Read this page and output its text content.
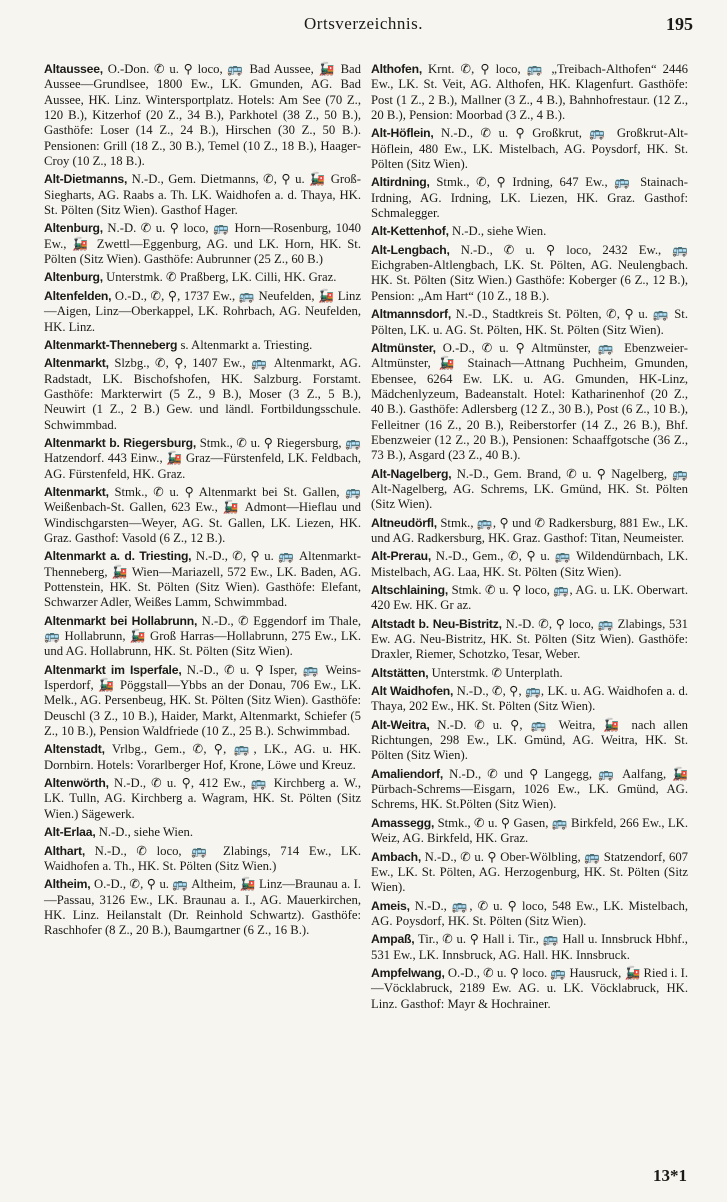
Ortsverzeichnis.	195

Altaussee, O.-Don. ✆ u. ⚲ loco, 🚌 Bad Aussee, 🚂 Bad Aussee—Grundlsee, 1800 Ew., LK. Gmunden, AG. Bad Aussee, HK. Linz. Wintersportplatz. Hotels: Am See (70 Z., 120 B.), Kitzerhof (20 Z., 34 B.), Parkhotel (38 Z., 50 B.), Gasthöfe: Loser (14 Z., 24 B.), Hirschen (30 Z., 50 B.). Pensionen: Grill (18 Z., 30 B.), Temel (10 Z., 18 B.), Haager-Croy (10 Z., 18 B.).

Alt-Dietmanns, N.-D., Gem. Dietmanns, ✆, ⚲ u. 🚂 Groß-Siegharts, AG. Raabs a. Th. LK. Waidhofen a. d. Thaya, HK. St. Pölten (Sitz Wien). Gasthof Hager.

Altenburg, N.-D. ✆ u. ⚲ loco, 🚌 Horn—Rosenburg, 1040 Ew., 🚂 Zwettl—Eggenburg, AG. und LK. Horn, HK. St. Pölten (Sitz Wien). Gasthöfe: Aubrunner (25 Z., 60 B.)

Altenburg, Unterstmk. ✆ Praßberg, LK. Cilli, HK. Graz.

Altenfelden, O.-D., ✆, ⚲, 1737 Ew., 🚌 Neufelden, 🚂 Linz—Aigen, Linz—Oberkappel, LK. Rohrbach, AG. Neufelden, HK. Linz.

Altenmarkt-Thenneberg s. Altenmarkt a. Triesting.

Altenmarkt, Slzbg., ✆, ⚲, 1407 Ew., 🚌 Altenmarkt, AG. Radstadt, LK. Bischofshofen, HK. Salzburg. Forstamt. Gasthöfe: Markterwirt (5 Z., 9 B.), Moser (3 Z., 5 B.), Neuwirt (1 Z., 2 B.) Gew. und ländl. Fortbildungsschule. Schwimmbad.

Altenmarkt b. Riegersburg, Stmk., ✆ u. ⚲ Riegersburg, 🚌 Hatzendorf. 443 Einw., 🚂 Graz—Fürstenfeld, LK. Feldbach, AG. Fürstenfeld, HK. Graz.

Altenmarkt, Stmk., ✆ u. ⚲ Altenmarkt bei St. Gallen, 🚌 Weißenbach-St. Gallen, 623 Ew., 🚂 Admont—Hieflau und Windischgarsten—Weyer, AG. St. Gallen, LK. Liezen, HK. Graz. Gasthof: Vasold (6 Z., 12 B.).

Altenmarkt a. d. Triesting, N.-D., ✆, ⚲ u. 🚌 Altenmarkt-Thenneberg, 🚂 Wien—Mariazell, 572 Ew., LK. Baden, AG. Pottenstein, HK. St. Pölten (Sitz Wien). Gasthöfe: Elefant, Schwarzer Adler, Weißes Lamm, Schwimmbad.

Altenmarkt bei Hollabrunn, N.-D., ✆ Eggendorf im Thale, 🚌 Hollabrunn, 🚂 Groß Harras—Hollabrunn, 275 Ew., LK. und AG. Hollabrunn, HK. St. Pölten (Sitz Wien).

Altenmarkt im Isperfale, N.-D., ✆ u. ⚲ Isper, 🚌 Weins-Isperdorf, 🚂 Pöggstall—Ybbs an der Donau, 706 Ew., LK. Melk., AG. Persenbeug, HK. St. Pölten (Sitz Wien). Gasthöfe: Deuschl (3 Z., 10 B.), Haider, Markt, Altenmarkt, Schiefer (5 Z., 10 B.), Pension Waldfriede (10 Z., 25 B.). Schwimmbad.

Altenstadt, Vrlbg., Gem., ✆, ⚲, 🚌, LK., AG. u. HK. Dornbirn. Hotels: Vorarlberger Hof, Krone, Löwe und Kreuz.

Altenwörth, N.-D., ✆ u. ⚲, 412 Ew., 🚌 Kirchberg a. W., LK. Tulln, AG. Kirchberg a. Wagram, HK. St. Pölten (Sitz Wien.) Sägewerk.

Alt-Erlaa, N.-D., siehe Wien.

Althart, N.-D., ✆ loco, 🚌 Zlabings, 714 Ew., LK. Waidhofen a. Th., HK. St. Pölten (Sitz Wien.)

Altheim, O.-D., ✆, ⚲ u. 🚌 Altheim, 🚂 Linz—Braunau a. I.—Passau, 3126 Ew., LK. Braunau a. I., AG. Mauerkirchen, HK. Linz. Heilanstalt (Dr. Reinhold Schwartz). Gasthöfe: Raschhofer (8 Z., 20 B.), Baumgartner (6 Z., 16 B.).

Althofen, Krnt. ✆, ⚲ loco, 🚌 „Treibach-Althofen“ 2446 Ew., LK. St. Veit, AG. Althofen, HK. Klagenfurt. Gasthöfe: Post (1 Z., 2 B.), Mallner (3 Z., 4 B.), Bahnhofrestaur. (12 Z., 20 B.), Pension: Moorbad (3 Z., 4 B.).

Alt-Höflein, N.-D., ✆ u. ⚲ Großkrut, 🚌 Großkrut-Alt-Höflein, 480 Ew., LK. Mistelbach, AG. Poysdorf, HK. St. Pölten (Sitz Wien).

Altirdning, Stmk., ✆, ⚲ Irdning, 647 Ew., 🚌 Stainach-Irdning, AG. Irdning, LK. Liezen, HK. Graz. Gasthof: Schmalegger.

Alt-Kettenhof, N.-D., siehe Wien.

Alt-Lengbach, N.-D., ✆ u. ⚲ loco, 2432 Ew., 🚌 Eichgraben-Altlengbach, LK. St. Pölten, AG. Neulengbach. HK. St. Pölten (Sitz Wien.) Gasthöfe: Koberger (6 Z., 12 B.), Pension: „Am Hart“ (10 Z., 18 B.).

Altmannsdorf, N.-D., Stadtkreis St. Pölten, ✆, ⚲ u. 🚌 St. Pölten, LK. u. AG. St. Pölten, HK. St. Pölten (Sitz Wien).

Altmünster, O.-D., ✆ u. ⚲ Altmünster, 🚌 Ebenzweier-Altmünster, 🚂 Stainach—Attnang Puchheim, Gmunden, Ebensee, 6264 Ew. LK. u. AG. Gmunden, HK-Linz, Mädchenlyzeum, Badeanstalt. Hotel: Katharinenhof (20 Z., 40 B.). Gasthöfe: Adlersberg (12 Z., 30 B.), Post (6 Z., 10 B.), Felleitner (16 Z., 20 B.), Reiberstorfer (14 Z., 26 B.), Bhf. Ebenzweier (12 Z., 20 B.), Pensionen: Schaaffgotsche (36 Z., 73 B.), Asgard (23 Z., 40 B.).

Alt-Nagelberg, N.-D., Gem. Brand, ✆ u. ⚲ Nagelberg, 🚌 Alt-Nagelberg, AG. Schrems, LK. Gmünd, HK. St. Pölten (Sitz Wien).

Altneudörfl, Stmk., 🚌, ⚲ und ✆ Radkersburg, 881 Ew., LK. und AG. Radkersburg, HK. Graz. Gasthof: Titan, Neumeister.

Alt-Prerau, N.-D., Gem., ✆, ⚲ u. 🚌 Wildendürnbach, LK. Mistelbach, AG. Laa, HK. St. Pölten (Sitz Wien).

Altschlaining, Stmk. ✆ u. ⚲ loco, 🚌, AG. u. LK. Oberwart. 420 Ew. HK. Gr az.

Altstadt b. Neu-Bistritz, N.-D. ✆, ⚲ loco, 🚌 Zlabings, 531 Ew. AG. Neu-Bistritz, HK. St. Pölten (Sitz Wien). Gasthöfe: Draxler, Riemer, Schotzko, Tesar, Weber.

Altstätten, Unterstmk. ✆ Unterplath.

Alt Waidhofen, N.-D., ✆, ⚲, 🚌, LK. u. AG. Waidhofen a. d. Thaya, 202 Ew., HK. St. Pölten (Sitz Wien).

Alt-Weitra, N.-D. ✆ u. ⚲, 🚌 Weitra, 🚂 nach allen Richtungen, 298 Ew., LK. Gmünd, AG. Weitra, HK. St. Pölten (Sitz Wien).

Amaliendorf, N.-D., ✆ und ⚲ Langegg, 🚌 Aalfang, 🚂 Pürbach-Schrems—Eisgarn, 1026 Ew., LK. Gmünd, AG. Schrems, HK. St.Pölten (Sitz Wien).

Amassegg, Stmk., ✆ u. ⚲ Gasen, 🚌 Birkfeld, 266 Ew., LK. Weiz, AG. Birkfeld, HK. Graz.

Ambach, N.-D., ✆ u. ⚲ Ober-Wölbling, 🚌 Statzendorf, 607 Ew., LK. St. Pölten, AG. Herzogenburg, HK. St. Pölten (Sitz Wien).

Ameis, N.-D., 🚌, ✆ u. ⚲ loco, 548 Ew., LK. Mistelbach, AG. Poysdorf, HK. St. Pölten (Sitz Wien).

Ampaß, Tir., ✆ u. ⚲ Hall i. Tir., 🚌 Hall u. Innsbruck Hbhf., 531 Ew., LK. Innsbruck, AG. Hall. HK. Innsbruck.

Ampfelwang, O.-D., ✆ u. ⚲ loco. 🚌 Hausruck, 🚂 Ried i. I.—Vöcklabruck, 2189 Ew. AG. u. LK. Vöcklabruck, HK. Linz. Gasthof: Mayr & Hochrainer.

13*1
